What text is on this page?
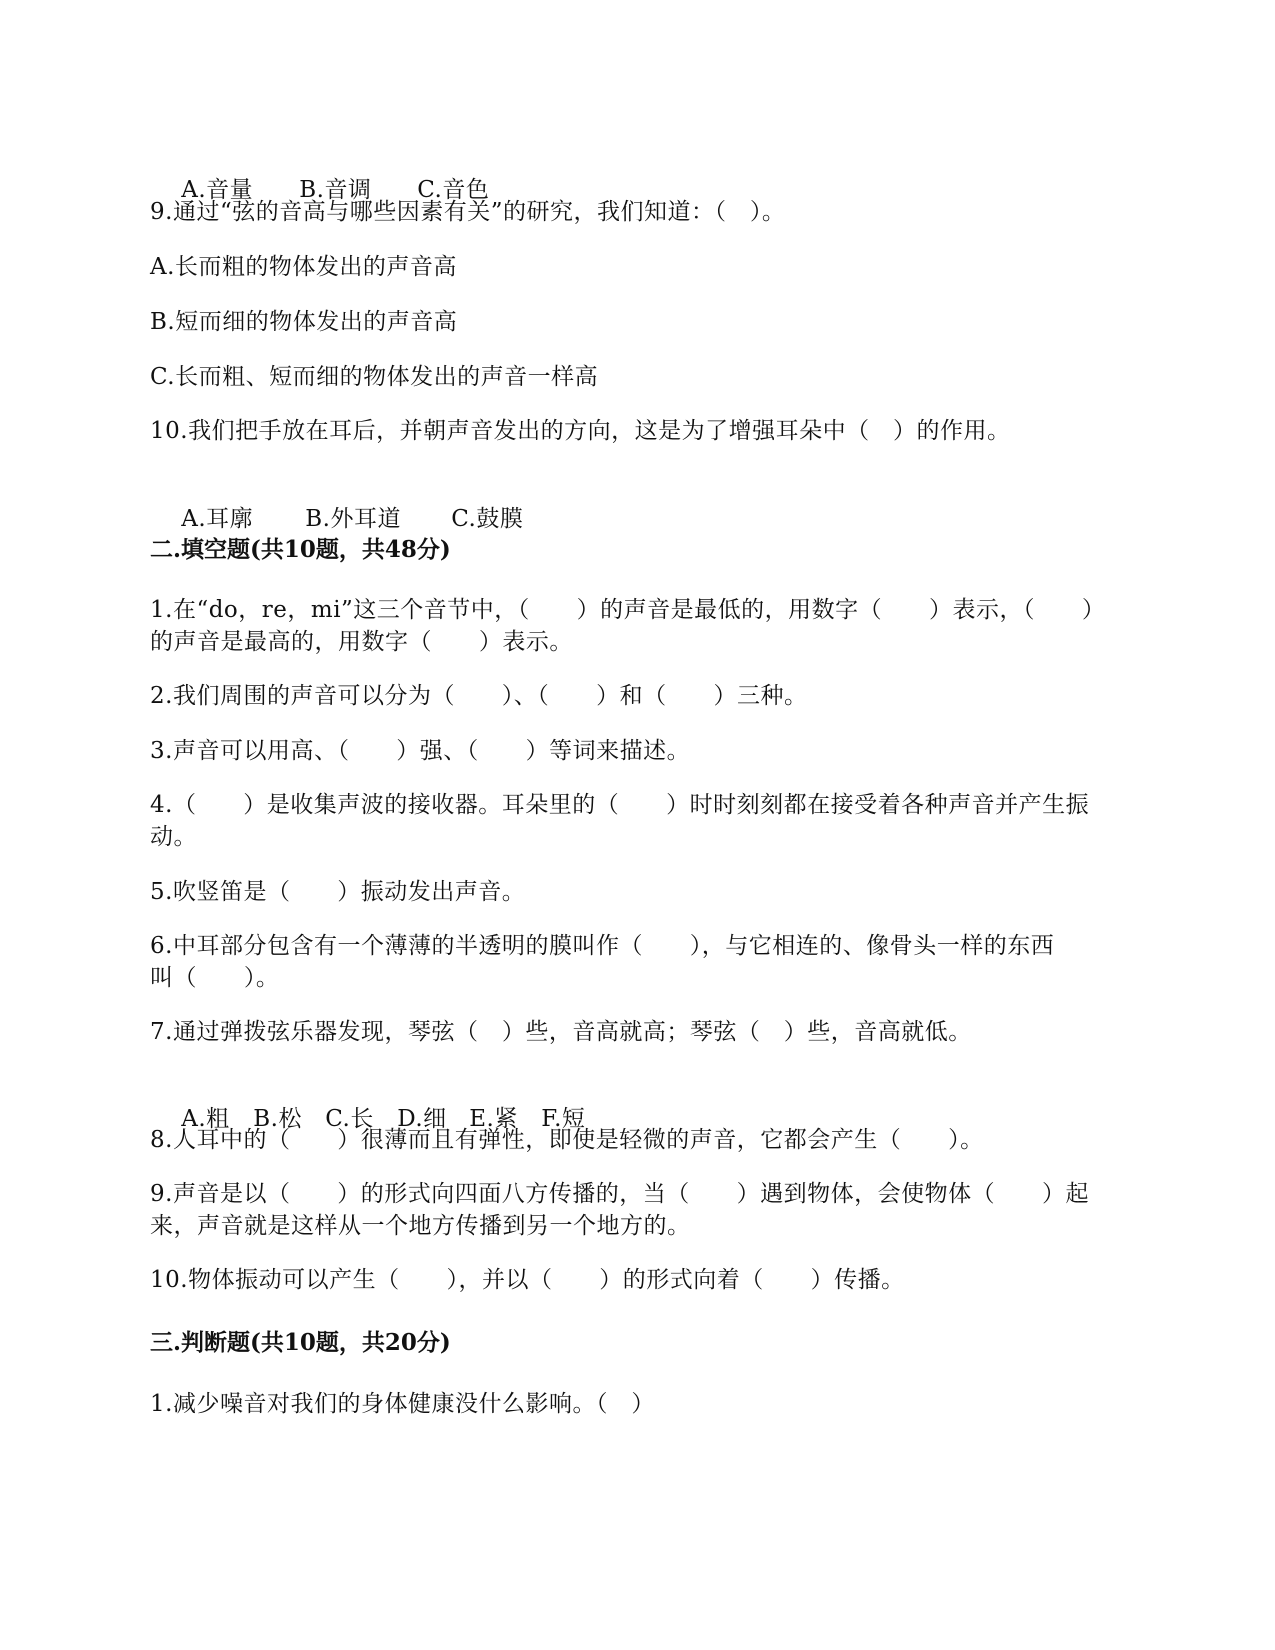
A.音量 B.音调 C.音色

9.通过“弦的音高与哪些因素有关”的研究，我们知道：（   ）。
A.长而粗的物体发出的声音高
B.短而细的物体发出的声音高
C.长而粗、短而细的物体发出的声音一样高
10.我们把手放在耳后，并朝声音发出的方向，这是为了增强耳朵中（   ）的作用。

A.耳廓 B.外耳道 C.鼓膜

二.填空题(共10题，共48分)
1.在“do，re，mi”这三个音节中，（      ）的声音是最低的，用数字（      ）表示，（      ）
的声音是最高的，用数字（      ）表示。
2.我们周围的声音可以分为（      ）、（      ）和（      ）三种。
3.声音可以用高、（      ）强、（      ）等词来描述。
4.（      ）是收集声波的接收器。耳朵里的（      ）时时刻刻都在接受着各种声音并产生振
动。
5.吹竖笛是（      ）振动发出声音。
6.中耳部分包含有一个薄薄的半透明的膜叫作（      ），与它相连的、像骨头一样的东西
叫（      ）。
7.通过弹拨弦乐器发现，琴弦（   ）些，音高就高；琴弦（   ）些，音高就低。

A.粗 B.松 C.长 D.细 E.紧 F.短

8.人耳中的（      ）很薄而且有弹性，即使是轻微的声音，它都会产生（      ）。
9.声音是以（      ）的形式向四面八方传播的，当（      ）遇到物体，会使物体（      ）起
来，声音就是这样从一个地方传播到另一个地方的。
10.物体振动可以产生（      ），并以（      ）的形式向着（      ）传播。
三.判断题(共10题，共20分)
1.减少噪音对我们的身体健康没什么影响。（   ）
